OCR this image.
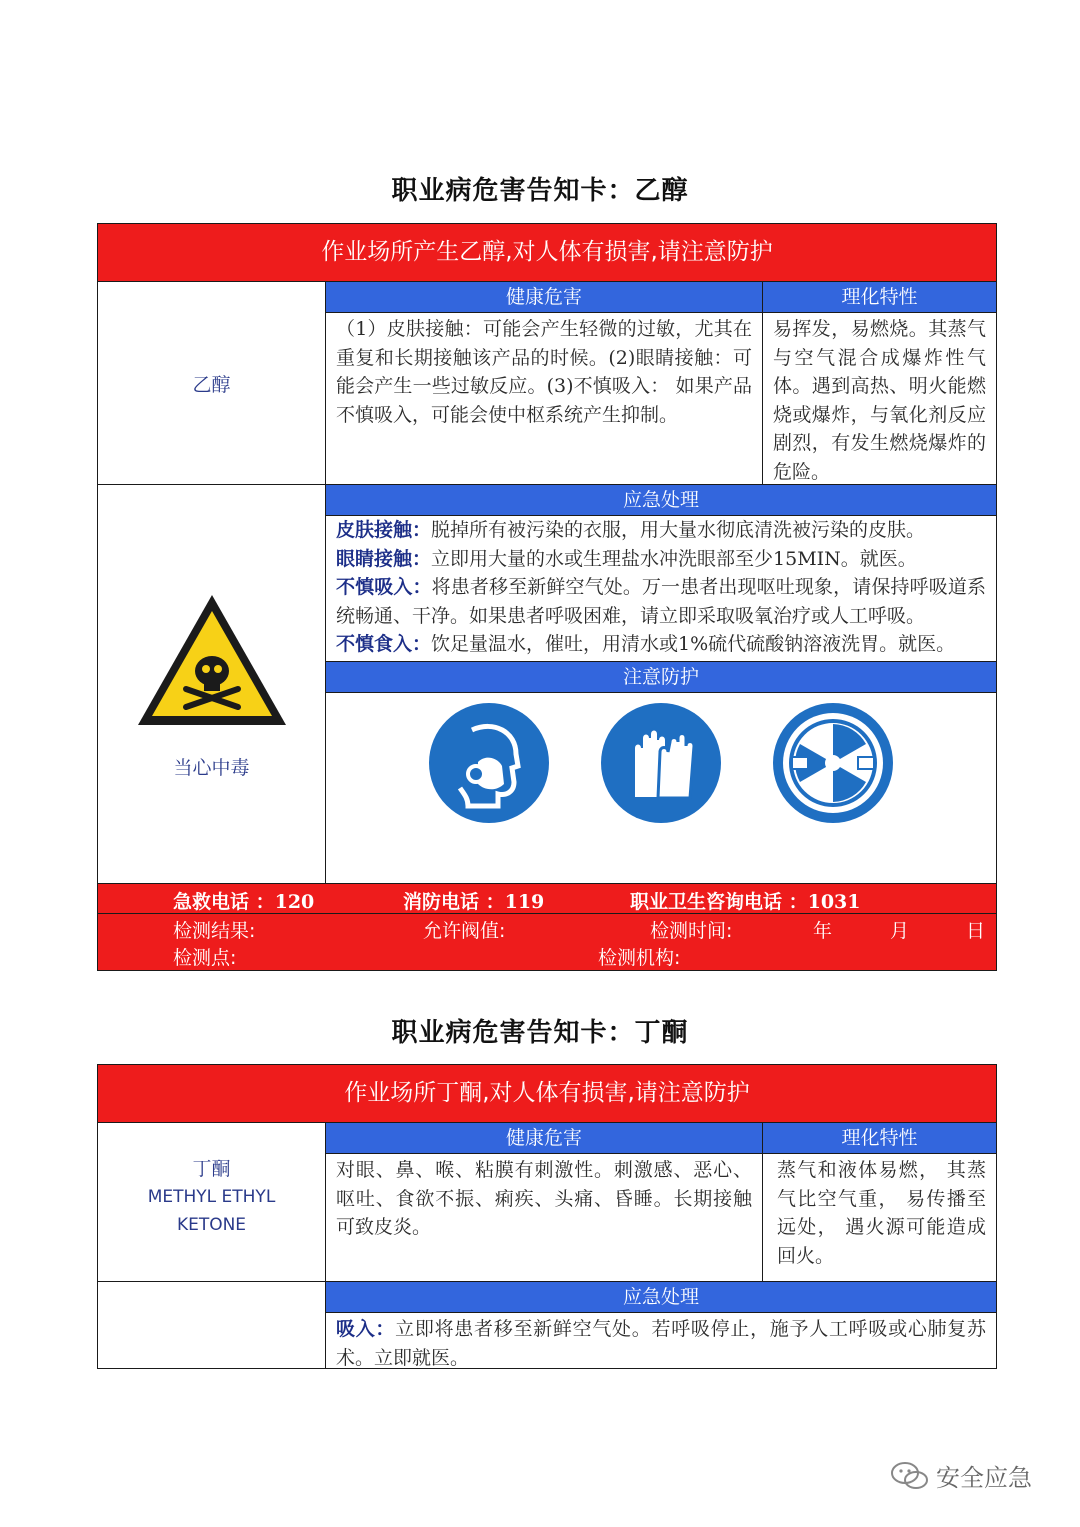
职业病危害告知卡：乙醇
作业场所产生乙醇,对人体有损害,请注意防护
乙醇
健康危害
（1）皮肤接触：可能会产生轻微的过敏，尤其在重复和长期接触该产品的时候。(2)眼睛接触：可能会产生一些过敏反应。(3)不慎吸入： 如果产品不慎吸入，可能会使中枢系统产生抑制。
理化特性
易挥发，易燃烧。其蒸气与空气混合成爆炸性气体。遇到高热、明火能燃烧或爆炸，与氧化剂反应剧烈，有发生燃烧爆炸的危险。
当心中毒
应急处理
皮肤接触：脱掉所有被污染的衣服，用大量水彻底清洗被污染的皮肤。
眼睛接触：立即用大量的水或生理盐水冲洗眼部至少15MIN。就医。
不慎吸入：将患者移至新鲜空气处。万一患者出现呕吐现象，请保持呼吸道系统畅通、干净。如果患者呼吸困难，请立即采取吸氧治疗或人工呼吸。
不慎食入：饮足量温水，催吐，用清水或1%硫代硫酸钠溶液洗胃。就医。
注意防护
急救电话 ：120	消防电话 ：119	职业卫生咨询电话 ：1031
检测结果:	允许阀值:	检测时间:	年	月	日
检测点:	检测机构:
职业病危害告知卡：丁酮
作业场所丁酮,对人体有损害,请注意防护
丁酮
METHYL ETHYL
KETONE
健康危害
对眼、鼻、喉、粘膜有刺激性。刺激感、恶心、呕吐、食欲不振、痢疾、头痛、昏睡。长期接触可致皮炎。
理化特性
蒸气和液体易燃， 其蒸气比空气重， 易传播至远处， 遇火源可能造成回火。
应急处理
吸入：立即将患者移至新鲜空气处。若呼吸停止，施予人工呼吸或心肺复苏术。立即就医。
安全应急
